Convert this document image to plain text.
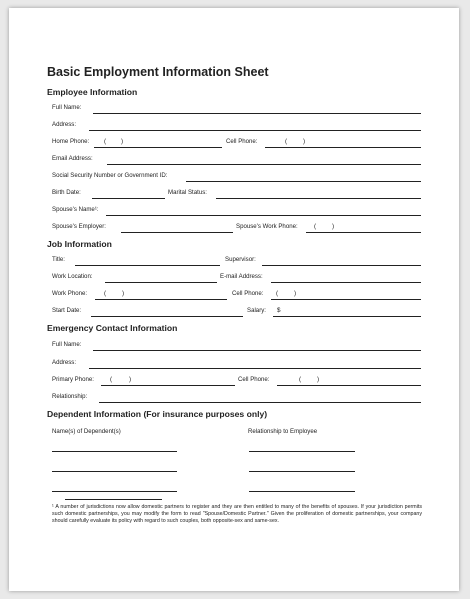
Basic Employment Information Sheet
Employee Information
Full Name:
Address:
Home Phone: ( )	Cell Phone:	(	)
Email Address:
Social Security Number or Government ID:
Birth Date:	Marital Status:
Spouse's Name¹:
Spouse's Employer:	Spouse's Work Phone:	(	)
Job Information
Title:	Supervisor:
Work Location:	E-mail Address:
Work Phone:	(	)	Cell Phone: (	)
Start Date:	Salary: $
Emergency Contact Information
Full Name:
Address:
Primary Phone:	(	)	Cell Phone:	(	)
Relationship:
Dependent Information (For insurance purposes only)
Name(s) of Dependent(s)	Relationship to Employee
¹ A number of jurisdictions now allow domestic partners to register and they are then entitled to many of the benefits of spouses. If your jurisdiction permits such domestic partnerships, you may modify the form to read "Spouse/Domestic Partner." Given the proliferation of domestic partnerships, your company should carefully evaluate its policy with regard to such couples, both opposite-sex and same-sex.
